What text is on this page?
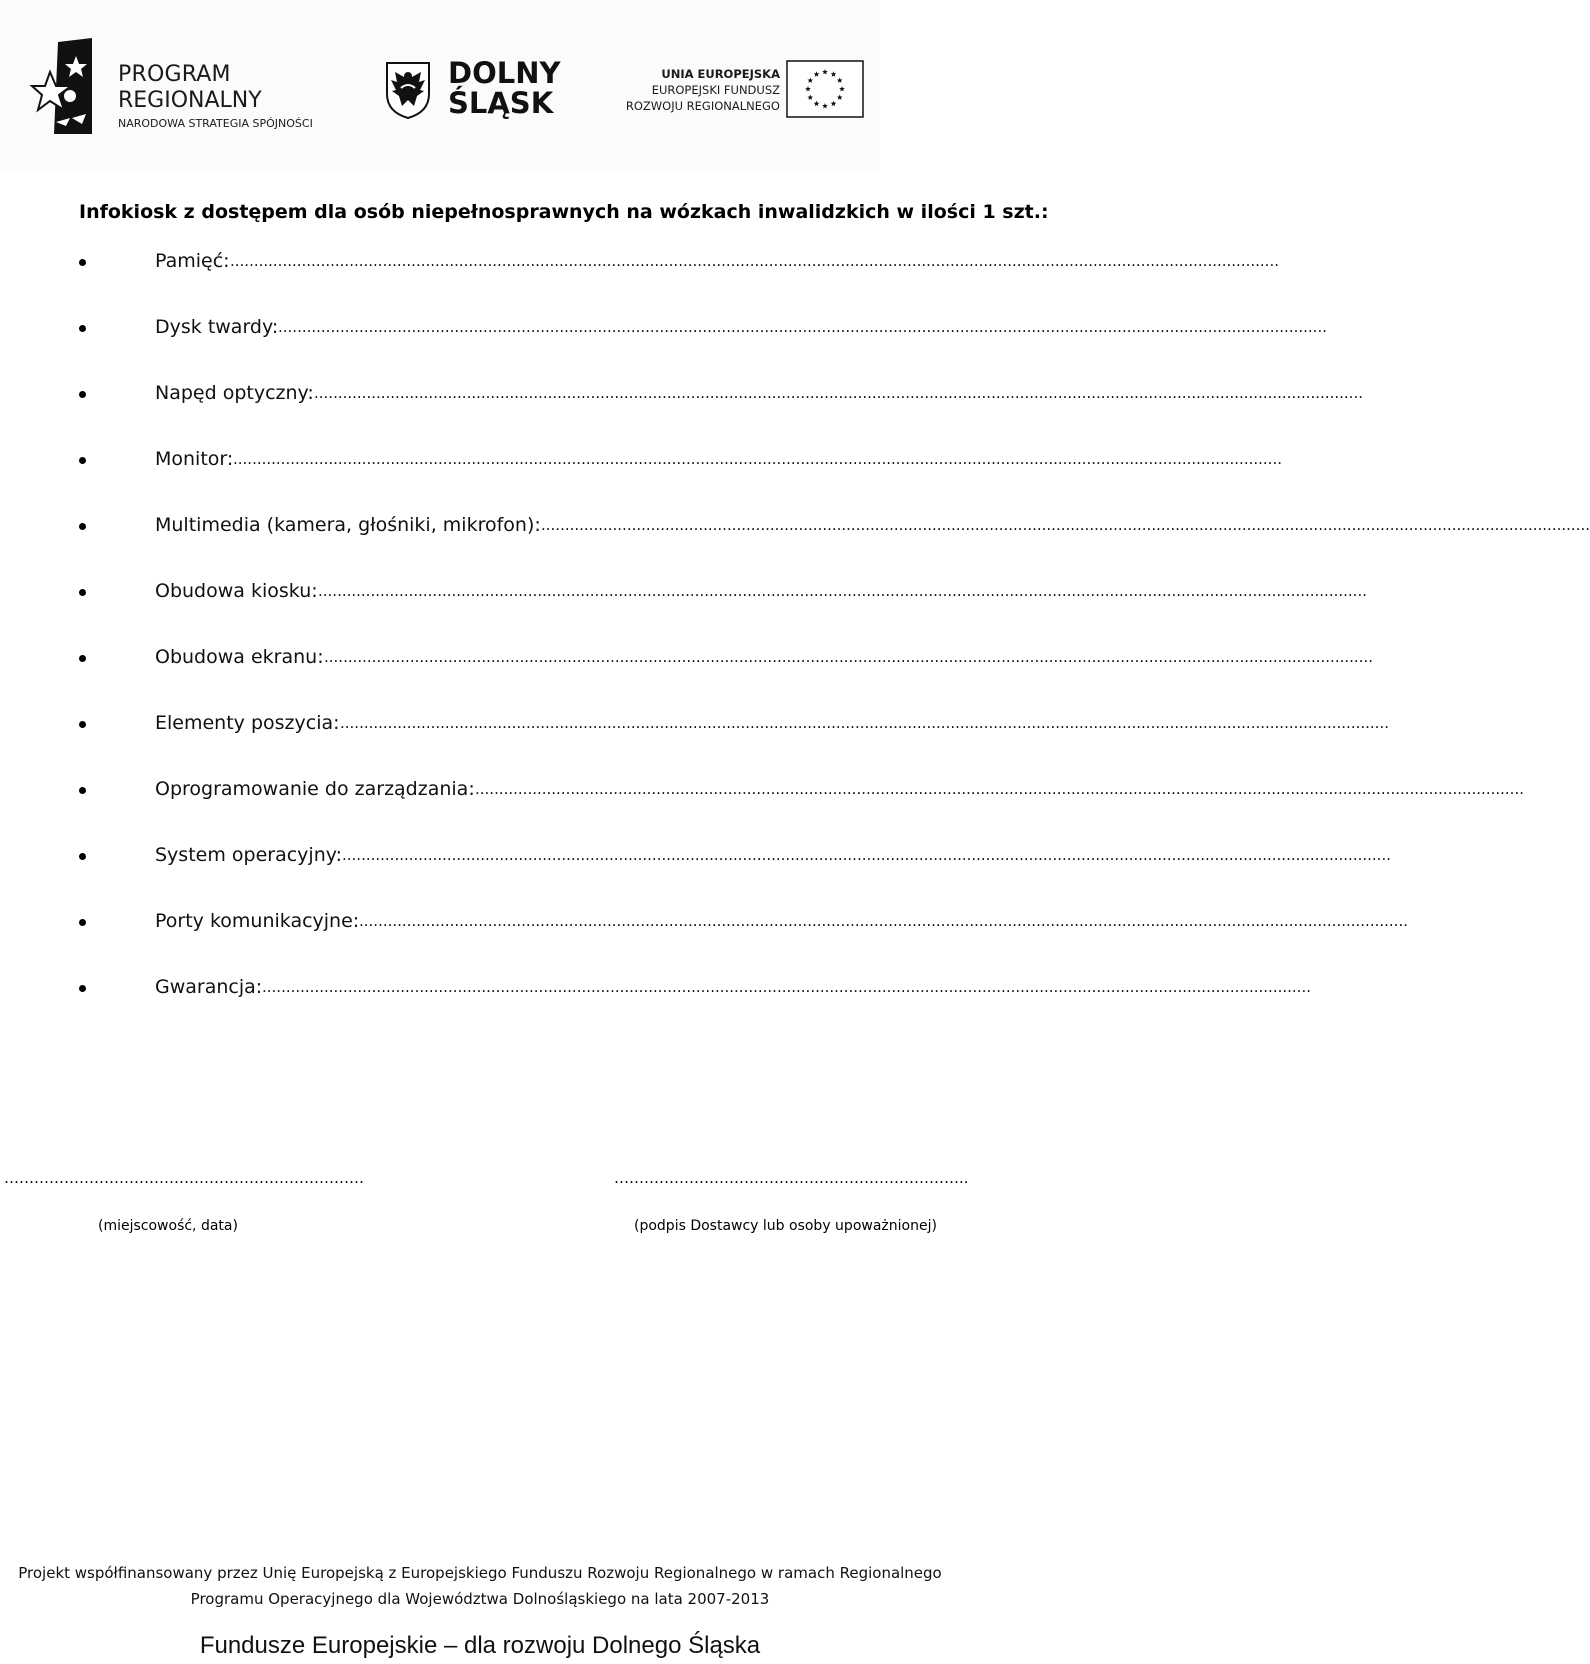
PROGRAM
REGIONALNY
NARODOWA STRATEGIA SPÓJNOŚCI
DOLNY
ŚLĄSK
UNIA EUROPEJSKA
EUROPEJSKI FUNDUSZ
ROZWOJU REGIONALNEGO
Infokiosk z dostępem dla osób niepełnosprawnych na wózkach inwalidzkich w ilości 1 szt.:
Pamięć: ............................................................................................................................................................................................................................
Dysk twardy: ............................................................................................................................................................................................................................
Napęd optyczny: ............................................................................................................................................................................................................................
Monitor: ............................................................................................................................................................................................................................
Multimedia (kamera, głośniki, mikrofon): ............................................................................................................................................................................................................................
Obudowa kiosku: ............................................................................................................................................................................................................................
Obudowa ekranu: ............................................................................................................................................................................................................................
Elementy poszycia: ............................................................................................................................................................................................................................
Oprogramowanie do zarządzania: ............................................................................................................................................................................................................................
System operacyjny: ............................................................................................................................................................................................................................
Porty komunikacyjne: ............................................................................................................................................................................................................................
Gwarancja: ............................................................................................................................................................................................................................
………………………………………………………………	……………………………………………………………..
(miejscowość, data)	(podpis Dostawcy lub osoby upoważnionej)
Projekt współfinansowany przez Unię Europejską z Europejskiego Funduszu Rozwoju Regionalnego w ramach Regionalnego
Programu Operacyjnego dla Województwa Dolnośląskiego na lata 2007-2013
Fundusze Europejskie – dla rozwoju Dolnego Śląska
